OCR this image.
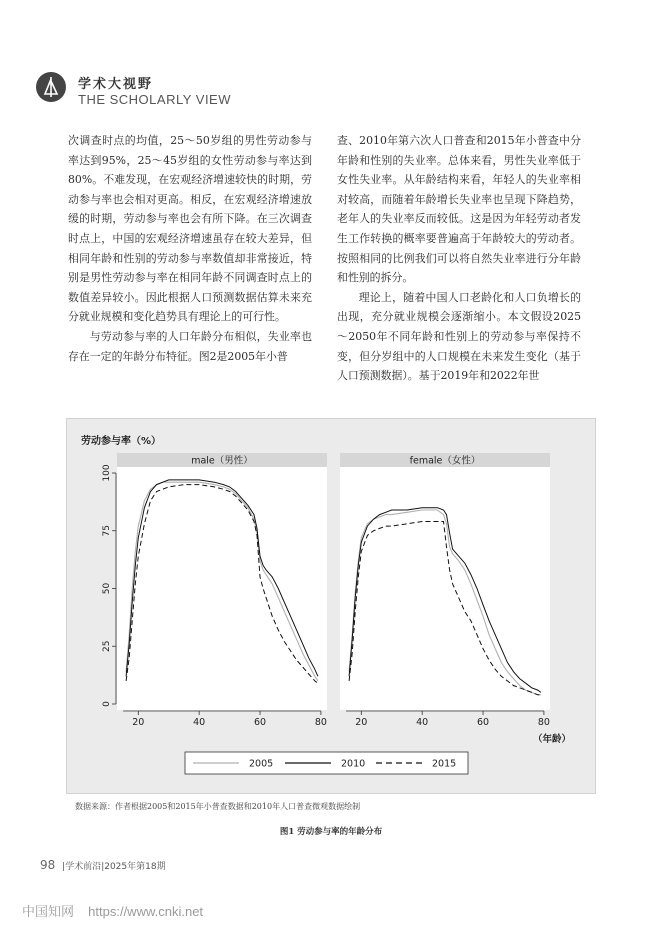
学术大视野
THE SCHOLARLY VIEW

次调查时点的均值，25～50岁组的男性劳动参与率达到95%，25～45岁组的女性劳动参与率达到80%。不难发现，在宏观经济增速较快的时期，劳动参与率也会相对更高。相反，在宏观经济增速放缓的时期，劳动参与率也会有所下降。在三次调查时点上，中国的宏观经济增速虽存在较大差异，但相同年龄和性别的劳动参与率数值却非常接近，特别是男性劳动参与率在相同年龄不同调查时点上的数值差异较小。因此根据人口预测数据估算未来充分就业规模和变化趋势具有理论上的可行性。

与劳动参与率的人口年龄分布相似，失业率也存在一定的年龄分布特征。图2是2005年小普

查、2010年第六次人口普查和2015年小普查中分年龄和性别的失业率。总体来看，男性失业率低于女性失业率。从年龄结构来看，年轻人的失业率相对较高，而随着年龄增长失业率也呈现下降趋势，老年人的失业率反而较低。这是因为年轻劳动者发生工作转换的概率要普遍高于年龄较大的劳动者。按照相同的比例我们可以将自然失业率进行分年龄和性别的拆分。

理论上，随着中国人口老龄化和人口负增长的出现，充分就业规模会逐渐缩小。本文假设2025～2050年不同年龄和性别上的劳动参与率保持不变，但分岁组中的人口规模在未来发生变化（基于人口预测数据）。基于2019年和2022年世

劳动参与率（%）
male（男性）
0
25
50
75
100
20	40	60	80
female（女性）
20	40	60	80
（年龄）
2005	2010	2015
数据来源：作者根据2005和2015年小普查数据和2010年人口普查微观数据绘制
图1 劳动参与率的年龄分布
98 |学术前沿|2025年第18期
中国知网 https://www.cnki.net
